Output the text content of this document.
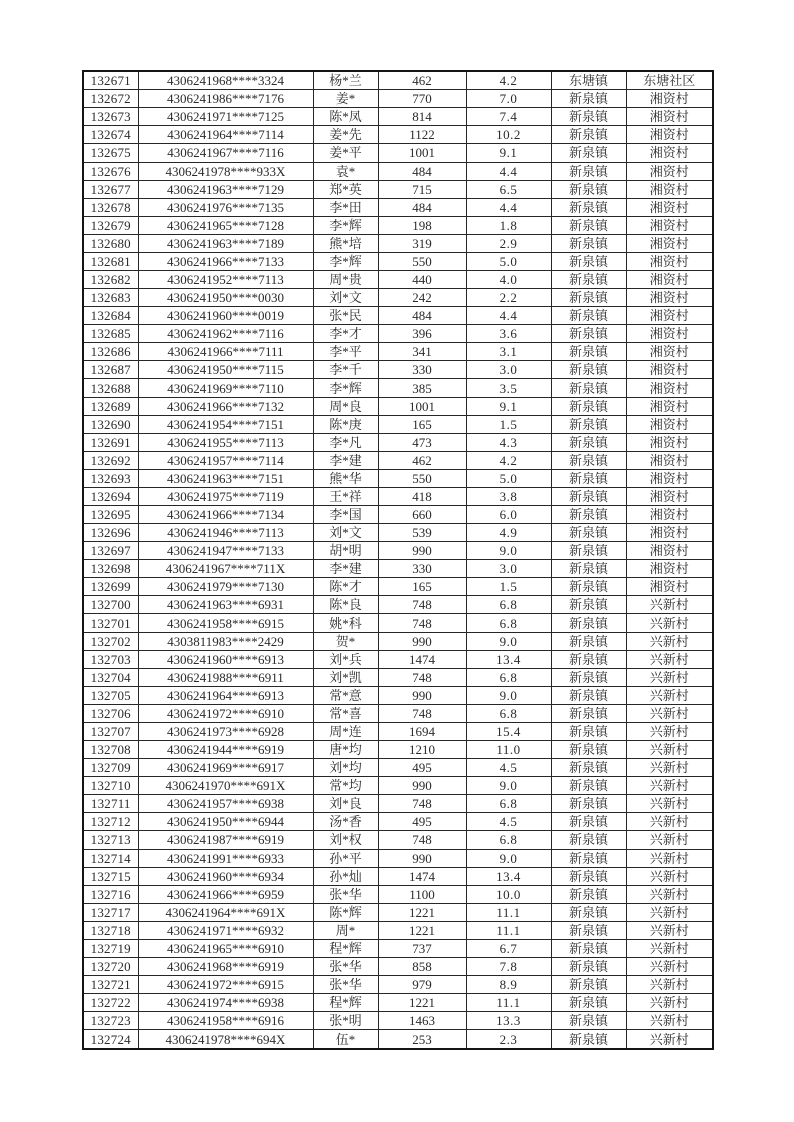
132671	4306241968****3324	杨*兰	462	4.2	东塘镇	东塘社区
132672	4306241986****7176	姜*	770	7.0	新泉镇	湘资村
132673	4306241971****7125	陈*凤	814	7.4	新泉镇	湘资村
132674	4306241964****7114	姜*先	1122	10.2	新泉镇	湘资村
132675	4306241967****7116	姜*平	1001	9.1	新泉镇	湘资村
132676	4306241978****933X	袁*	484	4.4	新泉镇	湘资村
132677	4306241963****7129	郑*英	715	6.5	新泉镇	湘资村
132678	4306241976****7135	李*田	484	4.4	新泉镇	湘资村
132679	4306241965****7128	李*辉	198	1.8	新泉镇	湘资村
132680	4306241963****7189	熊*培	319	2.9	新泉镇	湘资村
132681	4306241966****7133	李*辉	550	5.0	新泉镇	湘资村
132682	4306241952****7113	周*贵	440	4.0	新泉镇	湘资村
132683	4306241950****0030	刘*文	242	2.2	新泉镇	湘资村
132684	4306241960****0019	张*民	484	4.4	新泉镇	湘资村
132685	4306241962****7116	李*才	396	3.6	新泉镇	湘资村
132686	4306241966****7111	李*平	341	3.1	新泉镇	湘资村
132687	4306241950****7115	李*千	330	3.0	新泉镇	湘资村
132688	4306241969****7110	李*辉	385	3.5	新泉镇	湘资村
132689	4306241966****7132	周*良	1001	9.1	新泉镇	湘资村
132690	4306241954****7151	陈*庚	165	1.5	新泉镇	湘资村
132691	4306241955****7113	李*凡	473	4.3	新泉镇	湘资村
132692	4306241957****7114	李*建	462	4.2	新泉镇	湘资村
132693	4306241963****7151	熊*华	550	5.0	新泉镇	湘资村
132694	4306241975****7119	王*祥	418	3.8	新泉镇	湘资村
132695	4306241966****7134	李*国	660	6.0	新泉镇	湘资村
132696	4306241946****7113	刘*文	539	4.9	新泉镇	湘资村
132697	4306241947****7133	胡*明	990	9.0	新泉镇	湘资村
132698	4306241967****711X	李*建	330	3.0	新泉镇	湘资村
132699	4306241979****7130	陈*才	165	1.5	新泉镇	湘资村
132700	4306241963****6931	陈*良	748	6.8	新泉镇	兴新村
132701	4306241958****6915	姚*科	748	6.8	新泉镇	兴新村
132702	4303811983****2429	贺*	990	9.0	新泉镇	兴新村
132703	4306241960****6913	刘*兵	1474	13.4	新泉镇	兴新村
132704	4306241988****6911	刘*凯	748	6.8	新泉镇	兴新村
132705	4306241964****6913	常*意	990	9.0	新泉镇	兴新村
132706	4306241972****6910	常*喜	748	6.8	新泉镇	兴新村
132707	4306241973****6928	周*连	1694	15.4	新泉镇	兴新村
132708	4306241944****6919	唐*均	1210	11.0	新泉镇	兴新村
132709	4306241969****6917	刘*均	495	4.5	新泉镇	兴新村
132710	4306241970****691X	常*均	990	9.0	新泉镇	兴新村
132711	4306241957****6938	刘*良	748	6.8	新泉镇	兴新村
132712	4306241950****6944	汤*香	495	4.5	新泉镇	兴新村
132713	4306241987****6919	刘*权	748	6.8	新泉镇	兴新村
132714	4306241991****6933	孙*平	990	9.0	新泉镇	兴新村
132715	4306241960****6934	孙*灿	1474	13.4	新泉镇	兴新村
132716	4306241966****6959	张*华	1100	10.0	新泉镇	兴新村
132717	4306241964****691X	陈*辉	1221	11.1	新泉镇	兴新村
132718	4306241971****6932	周*	1221	11.1	新泉镇	兴新村
132719	4306241965****6910	程*辉	737	6.7	新泉镇	兴新村
132720	4306241968****6919	张*华	858	7.8	新泉镇	兴新村
132721	4306241972****6915	张*华	979	8.9	新泉镇	兴新村
132722	4306241974****6938	程*辉	1221	11.1	新泉镇	兴新村
132723	4306241958****6916	张*明	1463	13.3	新泉镇	兴新村
132724	4306241978****694X	伍*	253	2.3	新泉镇	兴新村
